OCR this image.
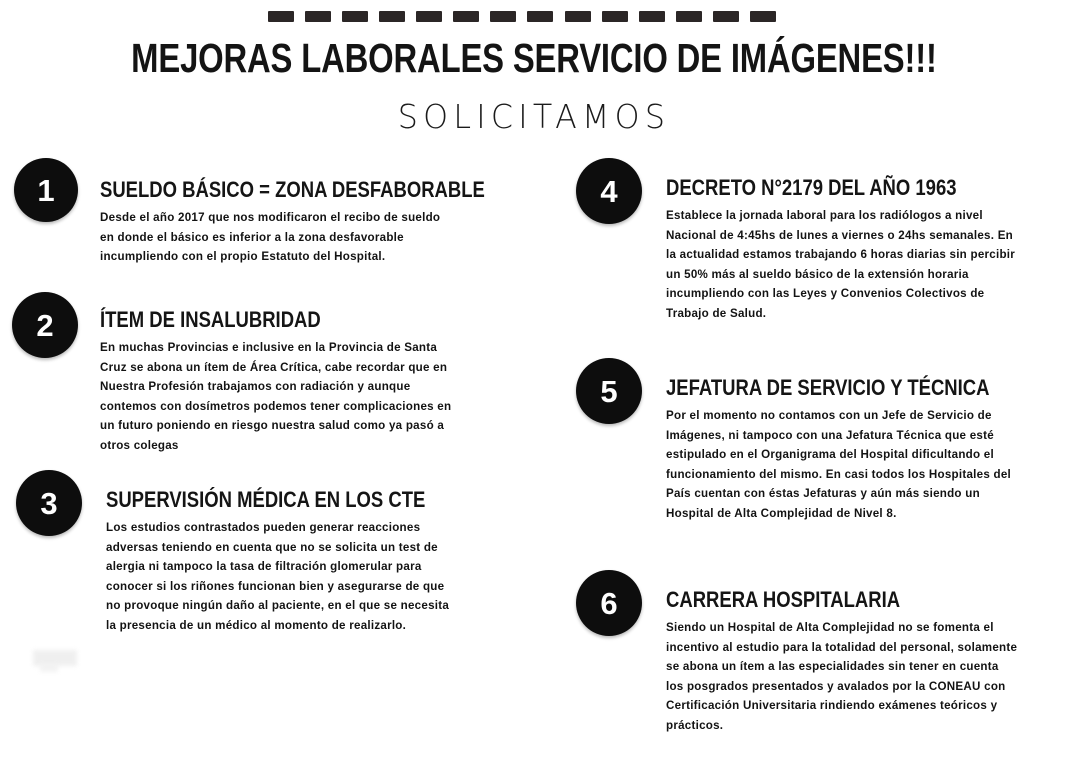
MEJORAS LABORALES SERVICIO DE IMÁGENES!!!
SOLICITAMOS
1 SUELDO BÁSICO = ZONA DESFABORABLE

Desde el año 2017 que nos modificaron el recibo de sueldo en donde el básico es inferior a la zona desfavorable incumpliendo con el propio Estatuto del Hospital.

2 ÍTEM DE INSALUBRIDAD

En muchas Provincias e inclusive en la Provincia de Santa Cruz se abona un ítem de Área Crítica, cabe recordar que en Nuestra Profesión trabajamos con radiación y aunque contemos con dosímetros podemos tener complicaciones en un futuro poniendo en riesgo nuestra salud como ya pasó a otros colegas

3 SUPERVISIÓN MÉDICA EN LOS CTE

Los estudios contrastados pueden generar reacciones adversas teniendo en cuenta que no se solicita un test de alergia ni tampoco la tasa de filtración glomerular para conocer si los riñones funcionan bien y asegurarse de que no provoque ningún daño al paciente, en el que se necesita la presencia de un médico al momento de realizarlo.

4 DECRETO N°2179 DEL AÑO 1963

Establece la jornada laboral para los radiólogos a nivel Nacional de 4:45hs de lunes a viernes o 24hs semanales. En la actualidad estamos trabajando 6 horas diarias sin percibir un 50% más al sueldo básico de la extensión horaria incumpliendo con las Leyes y Convenios Colectivos de Trabajo de Salud.

5 JEFATURA DE SERVICIO Y TÉCNICA

Por el momento no contamos con un Jefe de Servicio de Imágenes, ni tampoco con una Jefatura Técnica que esté estipulado en el Organigrama del Hospital dificultando el funcionamiento del mismo. En casi todos los Hospitales del País cuentan con éstas Jefaturas y aún más siendo un Hospital de Alta Complejidad de Nivel 8.

6 CARRERA HOSPITALARIA

Siendo un Hospital de Alta Complejidad no se fomenta el incentivo al estudio para la totalidad del personal, solamente se abona un ítem a las especialidades sin tener en cuenta los posgrados presentados y avalados por la CONEAU con Certificación Universitaria rindiendo exámenes teóricos y prácticos.
